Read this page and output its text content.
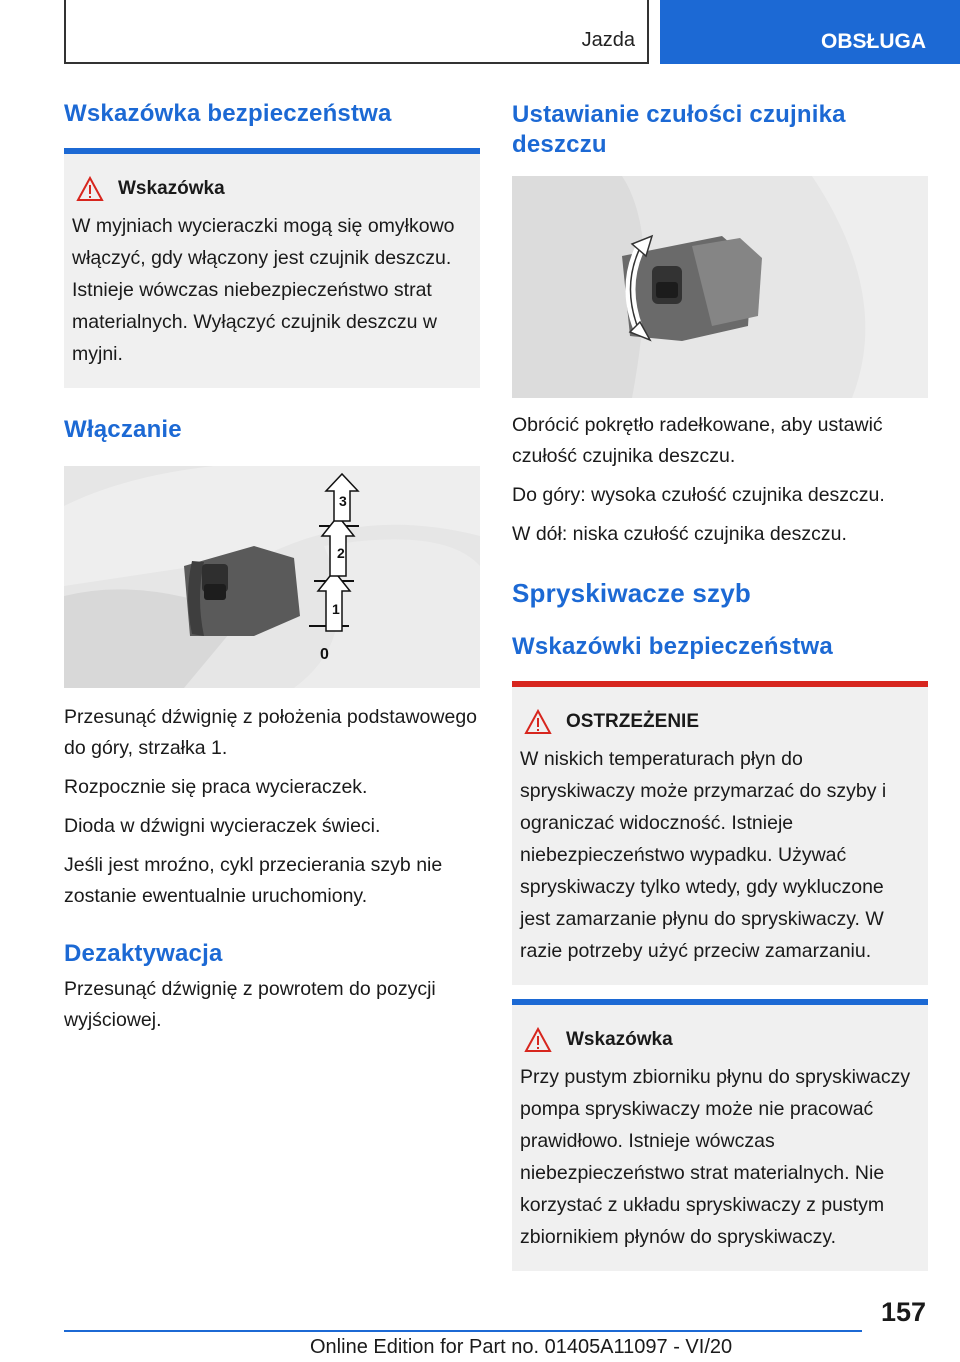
Jazda	OBSŁUGA
Wskazówka bezpieczeństwa
Wskazówka
W myjniach wycieraczki mogą się omyłkowo włączyć, gdy włączony jest czujnik deszczu. Istnieje wówczas niebezpieczeństwo strat materialnych. Wyłączyć czujnik deszczu w myjni.
Włączanie
1
2
3
0

Przesunąć dźwignię z położenia podstawowego do góry, strzałka 1.

Rozpocznie się praca wycieraczek.

Dioda w dźwigni wycieraczek świeci.

Jeśli jest mroźno, cykl przecierania szyb nie zostanie ewentualnie uruchomiony.

Dezaktywacja

Przesunąć dźwignię z powrotem do pozycji wyjściowej.

Ustawianie czułości czujnika deszczu

Obrócić pokrętło radełkowane, aby ustawić czułość czujnika deszczu.

Do góry: wysoka czułość czujnika deszczu.

W dół: niska czułość czujnika deszczu.

Spryskiwacze szyb
Wskazówki bezpieczeństwa
OSTRZEŻENIE
W niskich temperaturach płyn do spryskiwaczy może przymarzać do szyby i ograniczać widoczność. Istnieje niebezpieczeństwo wypadku. Używać spryskiwaczy tylko wtedy, gdy wykluczone jest zamarzanie płynu do spryskiwaczy. W razie potrzeby użyć przeciw zamarzaniu.
Wskazówka
Przy pustym zbiorniku płynu do spryskiwaczy pompa spryskiwaczy może nie pracować prawidłowo. Istnieje wówczas niebezpieczeństwo strat materialnych. Nie korzystać z układu spryskiwaczy z pustym zbiornikiem płynów do spryskiwaczy.
157
Online Edition for Part no. 01405A11097 - VI/20
